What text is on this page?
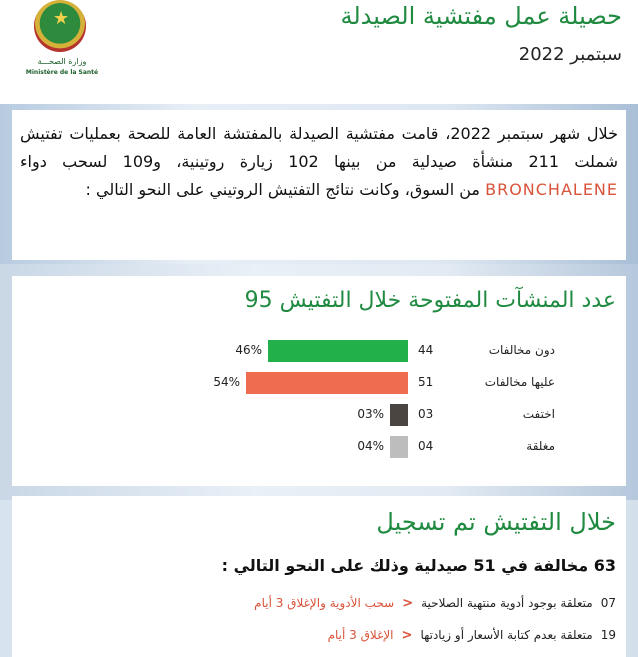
★
وزارة الصحـــة
Ministère de la Santé
حصيلة عمل مفتشية الصيدلة
سبتمبر 2022
خلال شهر سبتمبر 2022، قامت مفتشية الصيدلة بالمفتشة العامة للصحة بعمليات تفتيش شملت 211 منشأة صيدلية من بينها 102 زيارة روتينية، و109 لسحب دواء BRONCHALENE من السوق، وكانت نتائج التفتيش الروتيني على النحو التالي :
عدد المنشآت المفتوحة خلال التفتيش 95
دون مخالفات
44
46%
عليها مخالفات
51
54%
اختفت
03
03%
مغلقة
04
04%
خلال التفتيش تم تسجيل
63 مخالفة في 51 صيدلية وذلك على النحو التالي :
07
متعلقة بوجود أدوية منتهية الصلاحية
<
سحب الأدوية والإغلاق 3 أيام
19
متعلقة بعدم كتابة الأسعار أو زيادتها
<
الإغلاق 3 أيام
